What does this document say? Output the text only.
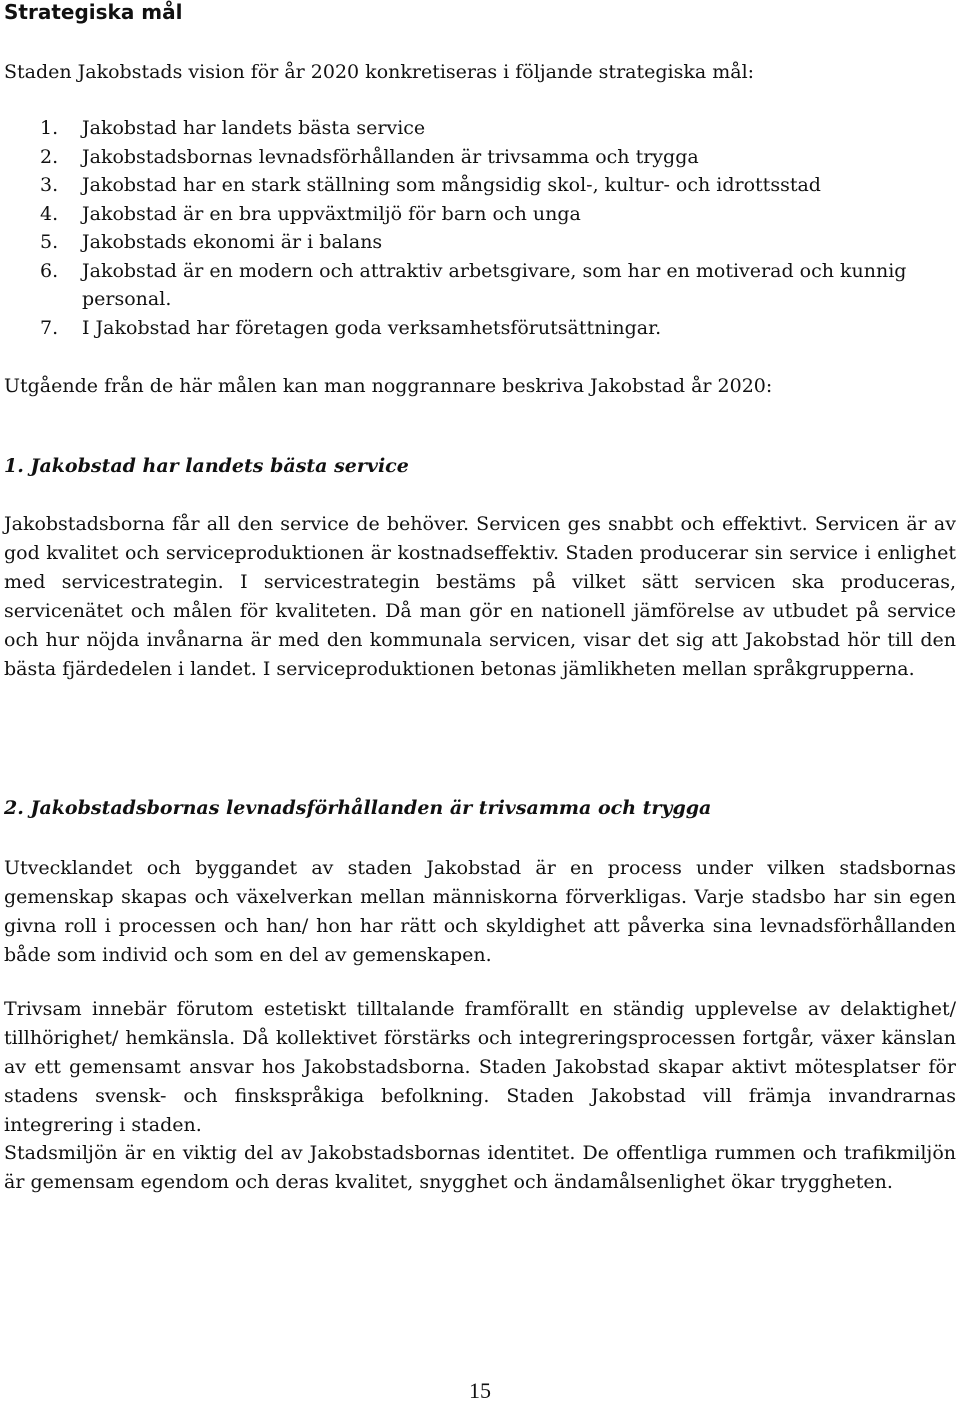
Strategiska mål
Staden Jakobstads vision för år 2020 konkretiseras i följande strategiska mål:
1.	Jakobstad har landets bästa service
2.	Jakobstadsbornas levnadsförhållanden är trivsamma och trygga
3.	Jakobstad har en stark ställning som mångsidig skol-, kultur- och idrottsstad
4.	Jakobstad är en bra uppväxtmiljö för barn och unga
5.	Jakobstads ekonomi är i balans
6.	Jakobstad är en modern och attraktiv arbetsgivare, som har en motiverad och kunnig personal.
7.	I Jakobstad har företagen goda verksamhetsförutsättningar.
Utgående från de här målen kan man noggrannare beskriva Jakobstad år 2020:
1. Jakobstad har landets bästa service

Jakobstadsborna får all den service de behöver. Servicen ges snabbt och effektivt. Servicen är av god kvalitet och serviceproduktionen är kostnadseffektiv. Staden producerar sin service i enlighet med servicestrategin. I servicestrategin bestäms på vilket sätt servicen ska produceras, servicenätet och målen för kvaliteten. Då man gör en nationell jämförelse av utbudet på service och hur nöjda invånarna är med den kommunala servicen, visar det sig att Jakobstad hör till den bästa fjärdedelen i landet. I serviceproduktionen betonas jämlikheten mellan språkgrupperna.

2. Jakobstadsbornas levnadsförhållanden är trivsamma och trygga

Utvecklandet och byggandet av staden Jakobstad är en process under vilken stadsbornas gemenskap skapas och växelverkan mellan människorna förverkligas. Varje stadsbo har sin egen givna roll i processen och han/ hon har rätt och skyldighet att påverka sina levnadsförhållanden både som individ och som en del av gemenskapen.

Trivsam innebär förutom estetiskt tilltalande framförallt en ständig upplevelse av delaktighet/ tillhörighet/ hemkänsla. Då kollektivet förstärks och integreringsprocessen fortgår, växer känslan av ett gemensamt ansvar hos Jakobstadsborna. Staden Jakobstad skapar aktivt mötesplatser för stadens svensk- och finskspråkiga befolkning. Staden Jakobstad vill främja invandrarnas integrering i staden.

Stadsmiljön är en viktig del av Jakobstadsbornas identitet. De offentliga rummen och trafikmiljön är gemensam egendom och deras kvalitet, snygghet och ändamålsenlighet ökar tryggheten.

15
